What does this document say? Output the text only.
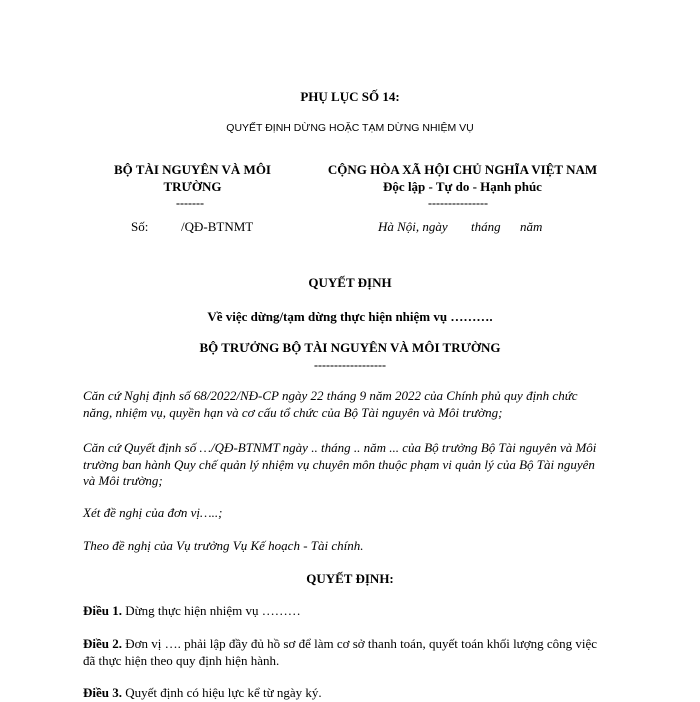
PHỤ LỤC SỐ 14:
QUYẾT ĐỊNH DỪNG HOẶC TẠM DỪNG NHIỆM VỤ
BỘ TÀI NGUYÊN VÀ MÔI
TRƯỜNG
-------
Số:	/QĐ-BTNMT
CỘNG HÒA XÃ HỘI CHỦ NGHĨA VIỆT NAM
Độc lập - Tự do - Hạnh phúc
---------------
Hà Nội, ngày tháng năm
QUYẾT ĐỊNH
Về việc dừng/tạm dừng thực hiện nhiệm vụ ……….
BỘ TRƯỞNG BỘ TÀI NGUYÊN VÀ MÔI TRƯỜNG
------------------
Căn cứ Nghị định số 68/2022/NĐ-CP ngày 22 tháng 9 năm 2022 của Chính phủ quy định chức năng, nhiệm vụ, quyền hạn và cơ cấu tổ chức của Bộ Tài nguyên và Môi trường;
Căn cứ Quyết định số …/QĐ-BTNMT ngày .. tháng .. năm ... của Bộ trưởng Bộ Tài nguyên và Môi trường ban hành Quy chế quản lý nhiệm vụ chuyên môn thuộc phạm vi quản lý của Bộ Tài nguyên và Môi trường;
Xét đề nghị của đơn vị…..;
Theo đề nghị của Vụ trưởng Vụ Kế hoạch - Tài chính.
QUYẾT ĐỊNH:
Điều 1. Dừng thực hiện nhiệm vụ ………
Điều 2. Đơn vị …. phải lập đầy đủ hồ sơ để làm cơ sở thanh toán, quyết toán khối lượng công việc đã thực hiện theo quy định hiện hành.
Điều 3. Quyết định có hiệu lực kể từ ngày ký.
